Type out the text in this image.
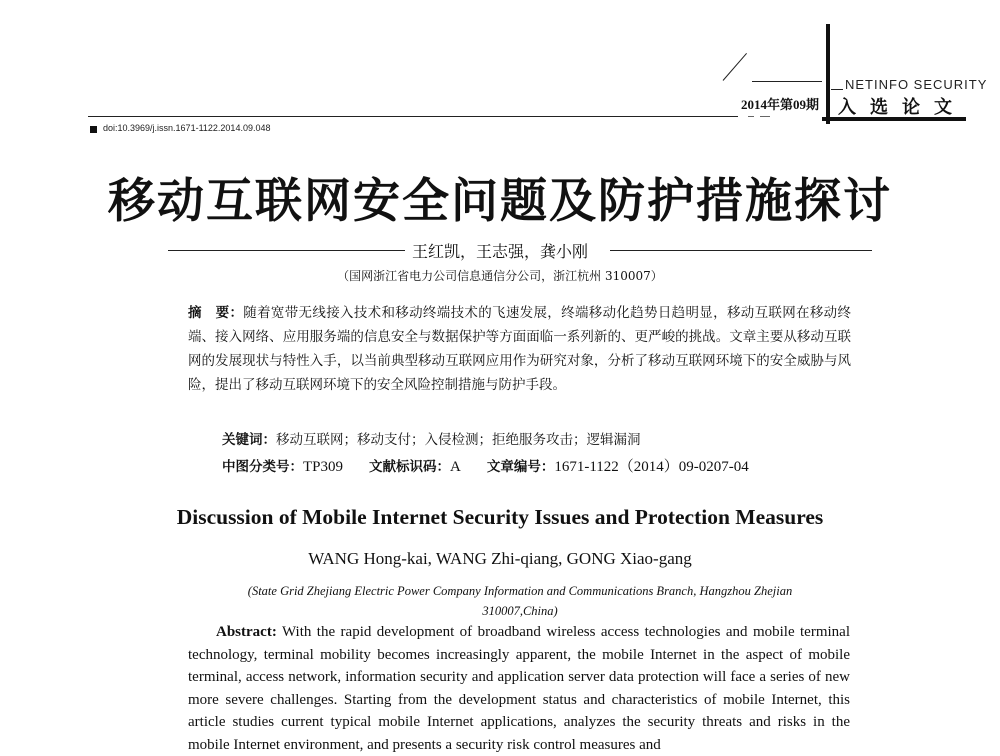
NETINFO SECURITY
2014年第09期 入选论文
doi:10.3969/j.issn.1671-1122.2014.09.048
移动互联网安全问题及防护措施探讨
王红凯，王志强，龚小刚
（国网浙江省电力公司信息通信分公司，浙江杭州 310007）
摘　要：随着宽带无线接入技术和移动终端技术的飞速发展，终端移动化趋势日趋明显，移动互联网在移动终端、接入网络、应用服务端的信息安全与数据保护等方面面临一系列新的、更严峻的挑战。文章主要从移动互联网的发展现状与特性入手，以当前典型移动互联网应用作为研究对象，分析了移动互联网环境下的安全威胁与风险，提出了移动互联网环境下的安全风险控制措施与防护手段。
关键词：移动互联网；移动支付；入侵检测；拒绝服务攻击；逻辑漏洞
中图分类号：TP309 文献标识码：A 文章编号：1671-1122（2014）09-0207-04
Discussion of Mobile Internet Security Issues and Protection Measures
WANG Hong-kai, WANG Zhi-qiang, GONG Xiao-gang
(State Grid Zhejiang Electric Power Company Information and Communications Branch, Hangzhou Zhejian 310007,China)
Abstract: With the rapid development of broadband wireless access technologies and mobile terminal technology, terminal mobility becomes increasingly apparent, the mobile Internet in the aspect of mobile terminal, access network, information security and application server data protection will face a series of new more severe challenges. Starting from the development status and characteristics of mobile Internet, this article studies current typical mobile Internet applications, analyzes the security threats and risks in the mobile Internet environment, and presents a security risk control measures and
